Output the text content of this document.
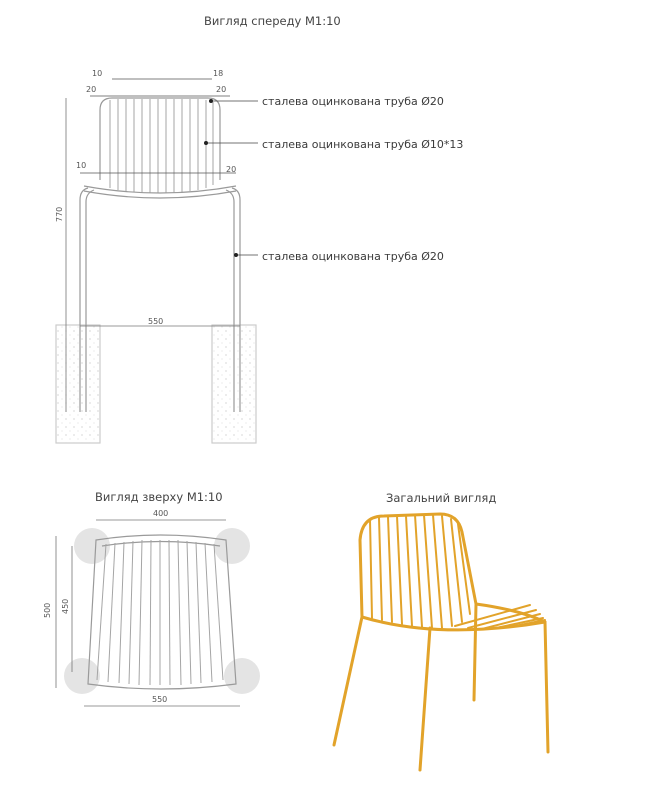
Вигляд спереду М1:10
Вигляд зверху М1:10	Загальний вигляд
сталева оцинкована труба Ø20
сталева оцинкована труба Ø10*13
сталева оцинкована труба Ø20
10	18
20	20
10	20
770
550
400
500 450
550
